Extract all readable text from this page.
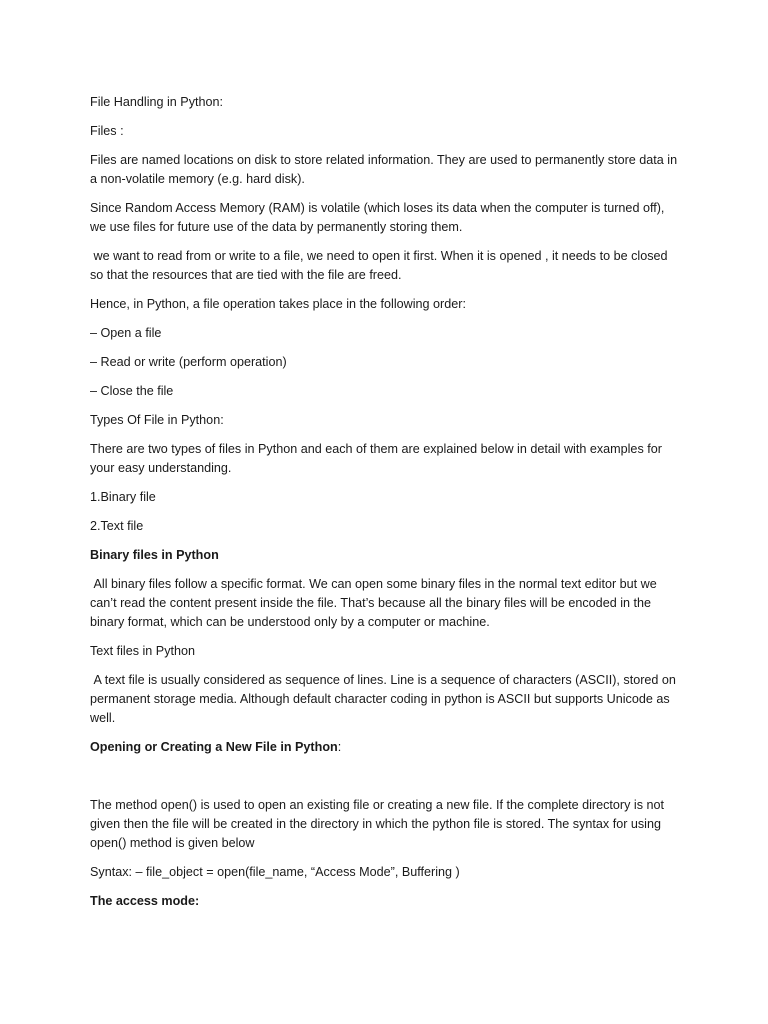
File Handling in Python:

Files :

Files are named locations on disk to store related information. They are used to permanently store data in a non-volatile memory (e.g. hard disk).

Since Random Access Memory (RAM) is volatile (which loses its data when the computer is turned off), we use files for future use of the data by permanently storing them.

we want to read from or write to a file, we need to open it first. When it is opened , it needs to be closed so that the resources that are tied with the file are freed.

Hence, in Python, a file operation takes place in the following order:

– Open a file

– Read or write (perform operation)

– Close the file

Types Of File in Python:

There are two types of files in Python and each of them are explained below in detail with examples for your easy understanding.

1.Binary file

2.Text file

Binary files in Python

All binary files follow a specific format. We can open some binary files in the normal text editor but we can’t read the content present inside the file. That’s because all the binary files will be encoded in the binary format, which can be understood only by a computer or machine.

Text files in Python

A text file is usually considered as sequence of lines. Line is a sequence of characters (ASCII), stored on permanent storage media. Although default character coding in python is ASCII but supports Unicode as well.

Opening or Creating a New File in Python:

The method open() is used to open an existing file or creating a new file. If the complete directory is not given then the file will be created in the directory in which the python file is stored. The syntax for using open() method is given below

Syntax: – file_object = open(file_name, “Access Mode”, Buffering )

The access mode:
